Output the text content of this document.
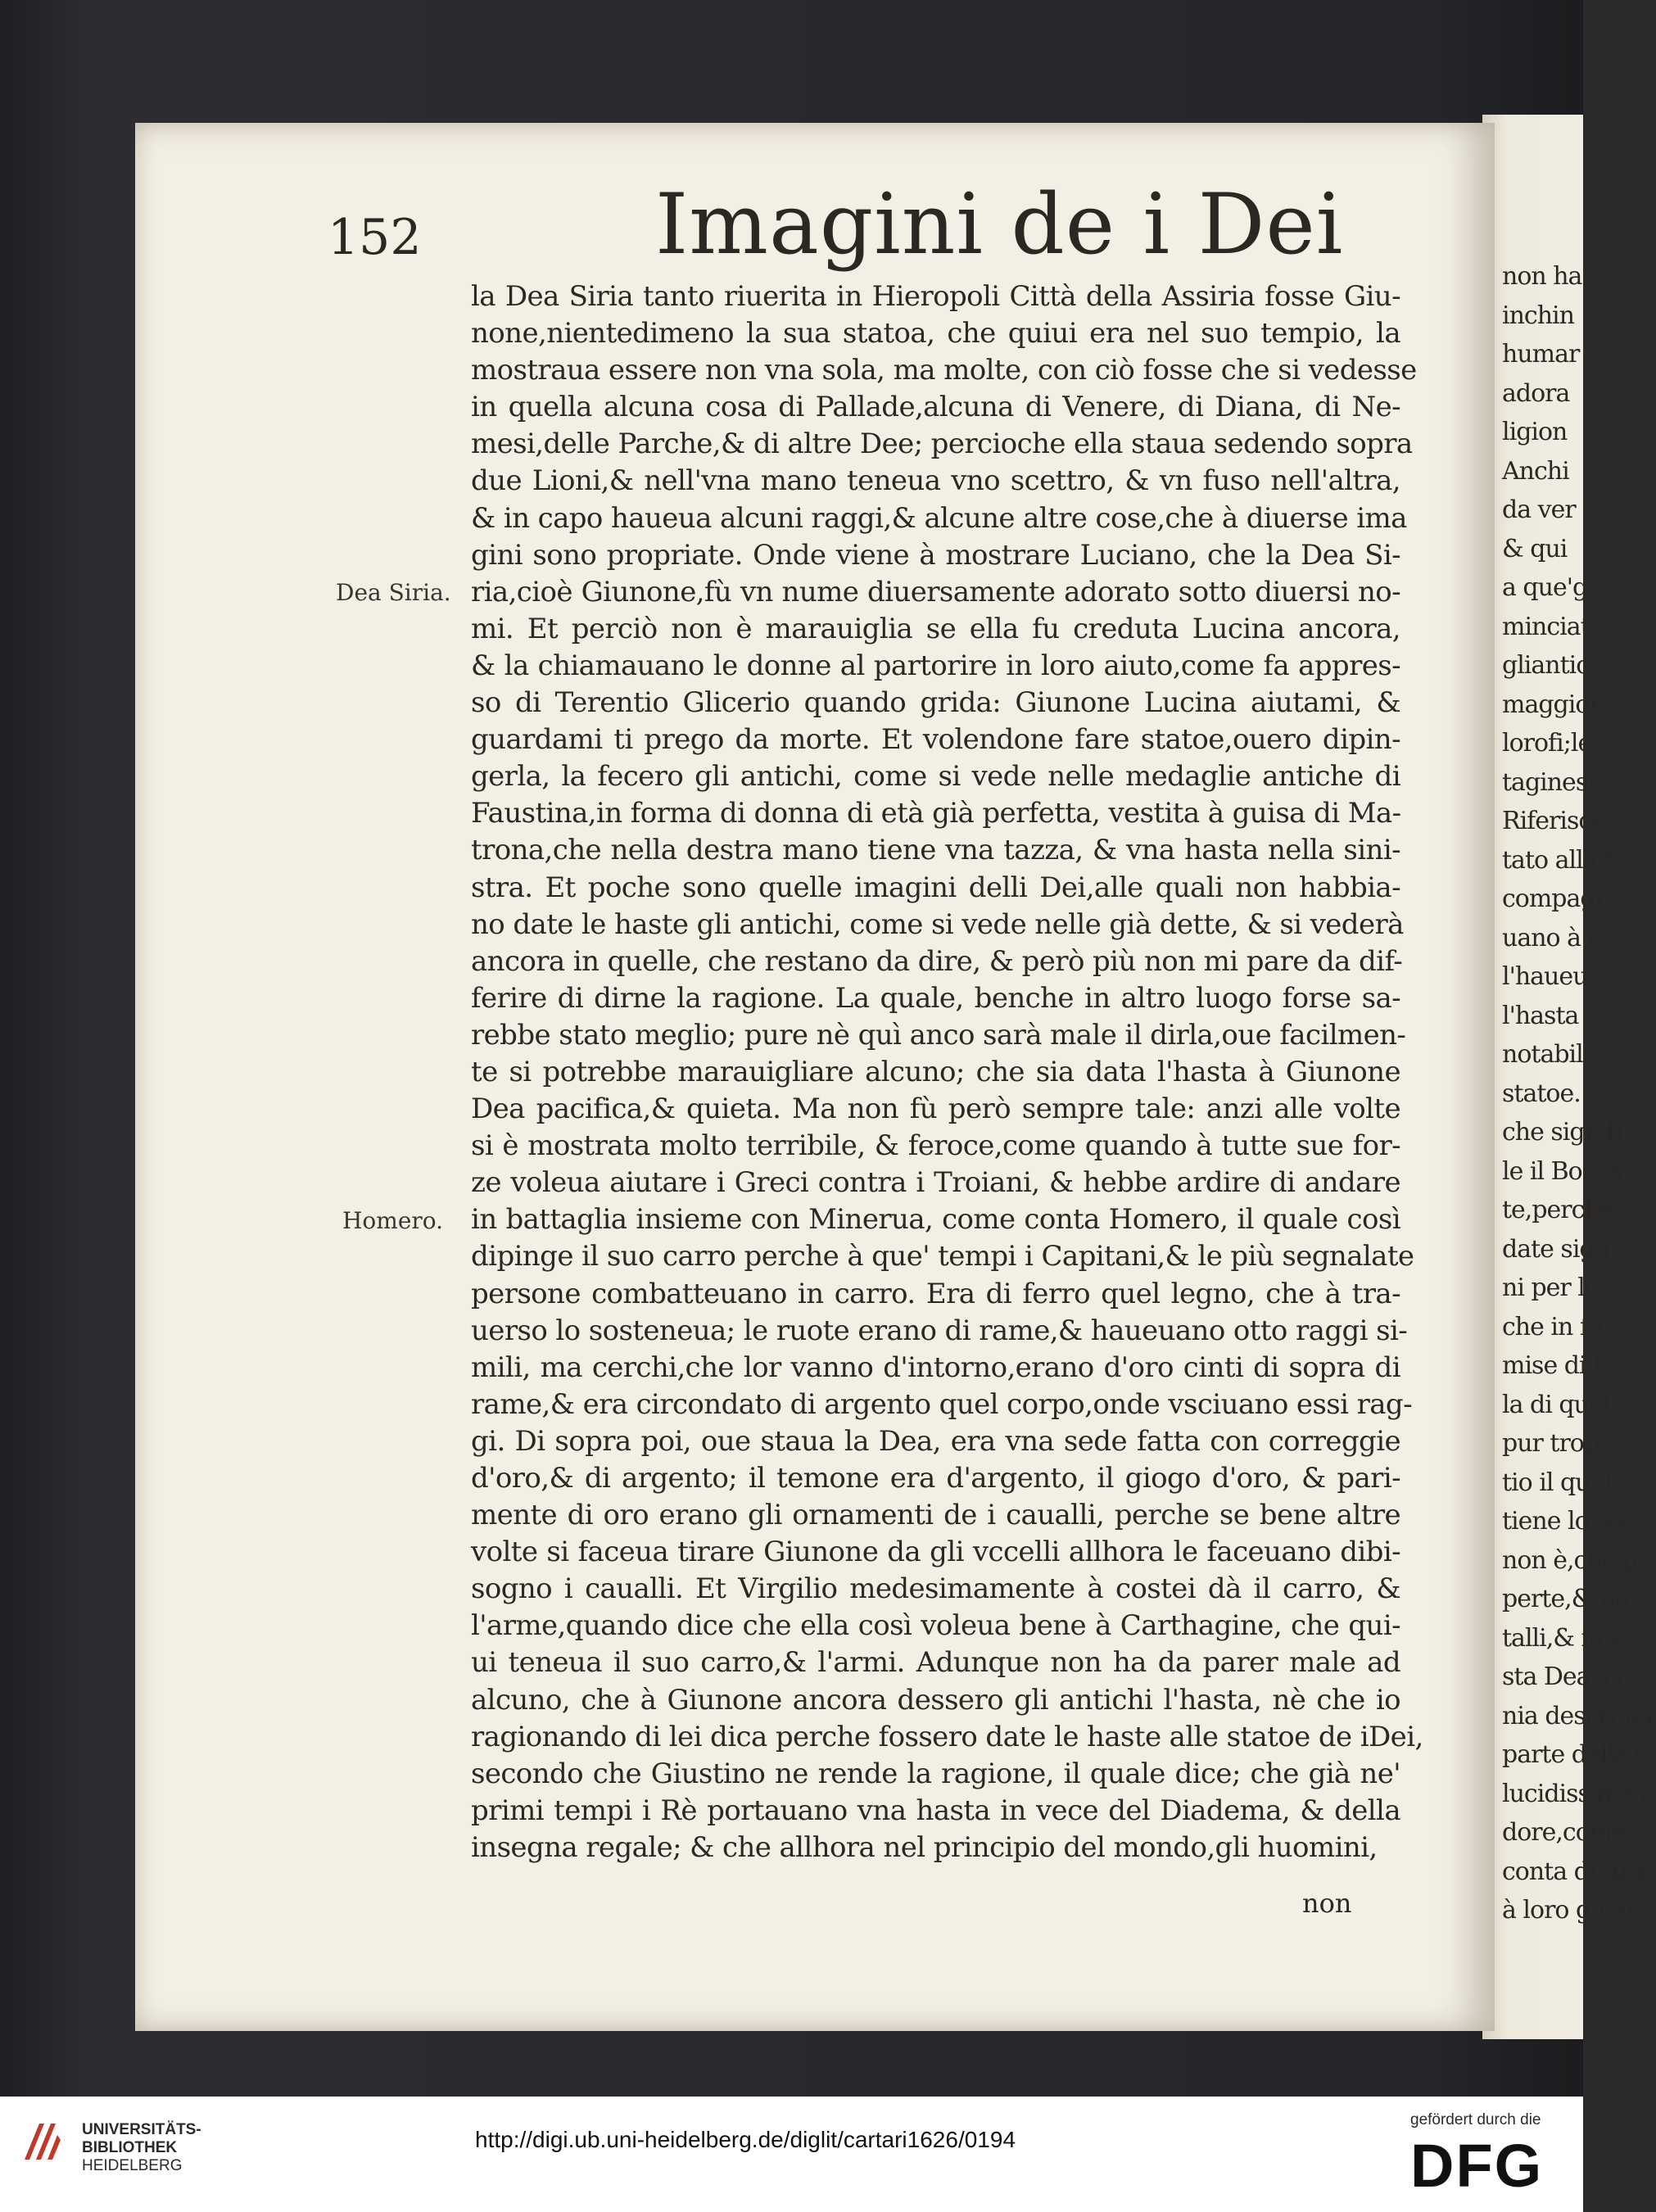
non ha
inchin
humar
adora
ligion
Anchi
da ver
& qui
a que'g
minciat
gliantic
maggior
lorofi;le
taginesi v
Riferisce
tato alla f
compagn
uano à c
l'haueua
l'hasta f
notabile
statoe. P
che signifi
le il Bocca
te,perche
date sign
ni per lo
che in fu
mise di fa
la di quel
pur tropp
tio il qual
tiene lo sce
non è,che p
perte,& na
talli,& in e
sta Dea, co
nia descriuer
parte della C
lucidissime g
dore,come v
conta di Arg
à loro gli an
152	Imagini de i Dei
la Dea Siria tanto riuerita in Hieropoli Città della Assiria fosse Giu-
none,nientedimeno la sua statoa, che quiui era nel suo tempio, la
mostraua essere non vna sola, ma molte, con ciò fosse che si vedesse
in quella alcuna cosa di Pallade,alcuna di Venere, di Diana, di Ne-
mesi,delle Parche,& di altre Dee; percioche ella staua sedendo sopra
due Lioni,& nell'vna mano teneua vno scettro, & vn fuso nell'altra,
& in capo haueua alcuni raggi,& alcune altre cose,che à diuerse ima
gini sono propriate. Onde viene à mostrare Luciano, che la Dea Si-
ria,cioè Giunone,fù vn nume diuersamente adorato sotto diuersi no-
mi. Et perciò non è marauiglia se ella fu creduta Lucina ancora,
& la chiamauano le donne al partorire in loro aiuto,come fa appres-
so di Terentio Glicerio quando grida: Giunone Lucina aiutami, &
guardami ti prego da morte. Et volendone fare statoe,ouero dipin-
gerla, la fecero gli antichi, come si vede nelle medaglie antiche di
Faustina,in forma di donna di età già perfetta, vestita à guisa di Ma-
trona,che nella destra mano tiene vna tazza, & vna hasta nella sini-
stra. Et poche sono quelle imagini delli Dei,alle quali non habbia-
no date le haste gli antichi, come si vede nelle già dette, & si vederà
ancora in quelle, che restano da dire, & però più non mi pare da dif-
ferire di dirne la ragione. La quale, benche in altro luogo forse sa-
rebbe stato meglio; pure nè quì anco sarà male il dirla,oue facilmen-
te si potrebbe marauigliare alcuno; che sia data l'hasta à Giunone
Dea pacifica,& quieta. Ma non fù però sempre tale: anzi alle volte
si è mostrata molto terribile, & feroce,come quando à tutte sue for-
ze voleua aiutare i Greci contra i Troiani, & hebbe ardire di andare
in battaglia insieme con Minerua, come conta Homero, il quale così
dipinge il suo carro perche à que' tempi i Capitani,& le più segnalate
persone combatteuano in carro. Era di ferro quel legno, che à tra-
uerso lo sosteneua; le ruote erano di rame,& haueuano otto raggi si-
mili, ma cerchi,che lor vanno d'intorno,erano d'oro cinti di sopra di
rame,& era circondato di argento quel corpo,onde vsciuano essi rag-
gi. Di sopra poi, oue staua la Dea, era vna sede fatta con correggie
d'oro,& di argento; il temone era d'argento, il giogo d'oro, & pari-
mente di oro erano gli ornamenti de i caualli, perche se bene altre
volte si faceua tirare Giunone da gli vccelli allhora le faceuano dibi-
sogno i caualli. Et Virgilio medesimamente à costei dà il carro, &
l'arme,quando dice che ella così voleua bene à Carthagine, che qui-
ui teneua il suo carro,& l'armi. Adunque non ha da parer male ad
alcuno, che à Giunone ancora dessero gli antichi l'hasta, nè che io
ragionando di lei dica perche fossero date le haste alle statoe de iDei,
secondo che Giustino ne rende la ragione, il quale dice; che già ne'
primi tempi i Rè portauano vna hasta in vece del Diadema, & della
insegna regale; & che allhora nel principio del mondo,gli huomini,
Dea Siria.
Homero.
non
UNIVERSITÄTS-
BIBLIOTHEK
HEIDELBERG
http://digi.ub.uni-heidelberg.de/diglit/cartari1626/0194
gefördert durch die
DFG
